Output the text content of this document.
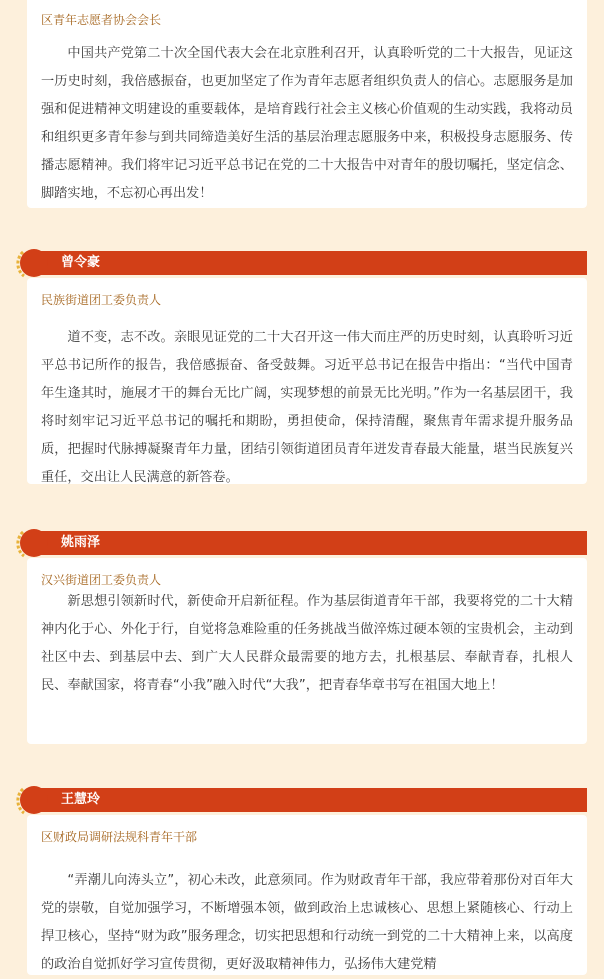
区青年志愿者协会会长

中国共产党第二十次全国代表大会在北京胜利召开，认真聆听党的二十大报告，见证这一历史时刻，我倍感振奋，也更加坚定了作为青年志愿者组织负责人的信心。志愿服务是加强和促进精神文明建设的重要载体，是培育践行社会主义核心价值观的生动实践，我将动员和组织更多青年参与到共同缔造美好生活的基层治理志愿服务中来，积极投身志愿服务、传播志愿精神。我们将牢记习近平总书记在党的二十大报告中对青年的殷切嘱托，坚定信念、脚踏实地，不忘初心再出发！

曾令豪
民族街道团工委负责人

道不变，志不改。亲眼见证党的二十大召开这一伟大而庄严的历史时刻，认真聆听习近平总书记所作的报告，我倍感振奋、备受鼓舞。习近平总书记在报告中指出：“当代中国青年生逢其时，施展才干的舞台无比广阔，实现梦想的前景无比光明。”作为一名基层团干，我将时刻牢记习近平总书记的嘱托和期盼，勇担使命，保持清醒，聚焦青年需求提升服务品质，把握时代脉搏凝聚青年力量，团结引领街道团员青年迸发青春最大能量，堪当民族复兴重任，交出让人民满意的新答卷。

姚雨泽
汉兴街道团工委负责人

新思想引领新时代，新使命开启新征程。作为基层街道青年干部，我要将党的二十大精神内化于心、外化于行，自觉将急难险重的任务挑战当做淬炼过硬本领的宝贵机会，主动到社区中去、到基层中去、到广大人民群众最需要的地方去，扎根基层、奉献青春，扎根人民、奉献国家，将青春“小我”融入时代“大我”，把青春华章书写在祖国大地上！

王慧玲
区财政局调研法规科青年干部

“弄潮儿向涛头立”，初心未改，此意须同。作为财政青年干部，我应带着那份对百年大党的崇敬，自觉加强学习，不断增强本领，做到政治上忠诚核心、思想上紧随核心、行动上捍卫核心，坚持“财为政”服务理念，切实把思想和行动统一到党的二十大精神上来，以高度的政治自觉抓好学习宣传贯彻，更好汲取精神伟力，弘扬伟大建党精
